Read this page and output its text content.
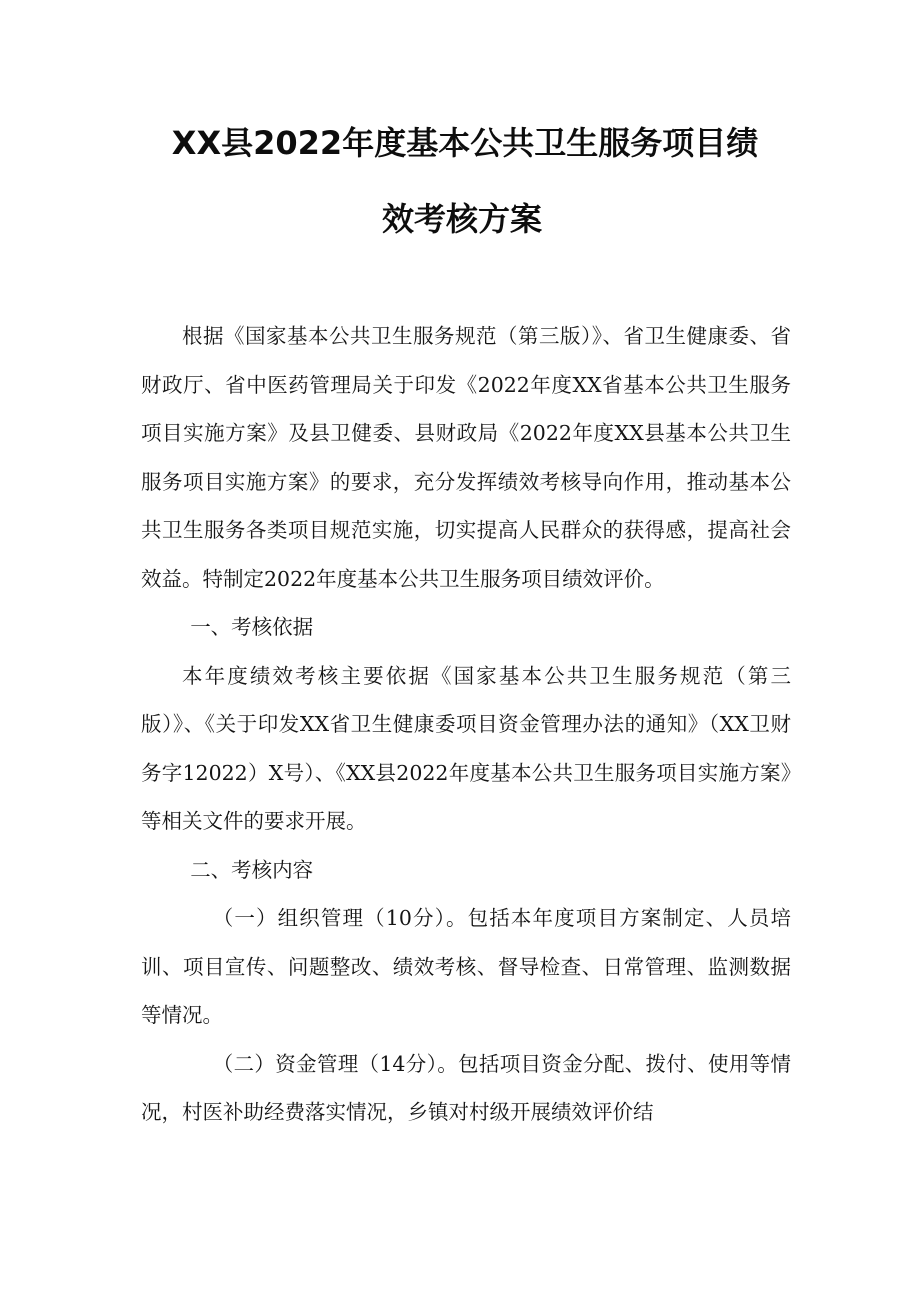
XX县2022年度基本公共卫生服务项目绩
效考核方案

根据《国家基本公共卫生服务规范（第三版）》、省卫生健康委、省财政厅、省中医药管理局关于印发《2022年度XX省基本公共卫生服务项目实施方案》及县卫健委、县财政局《2022年度XX县基本公共卫生服务项目实施方案》的要求，充分发挥绩效考核导向作用，推动基本公共卫生服务各类项目规范实施，切实提高人民群众的获得感，提高社会效益。特制定2022年度基本公共卫生服务项目绩效评价。

一、考核依据

本年度绩效考核主要依据《国家基本公共卫生服务规范（第三版）》、《关于印发XX省卫生健康委项目资金管理办法的通知》（XX卫财务字12022）X号）、《XX县2022年度基本公共卫生服务项目实施方案》等相关文件的要求开展。

二、考核内容

（一）组织管理（10分）。包括本年度项目方案制定、人员培训、项目宣传、问题整改、绩效考核、督导检查、日常管理、监测数据等情况。

（二）资金管理（14分）。包括项目资金分配、拨付、使用等情况，村医补助经费落实情况，乡镇对村级开展绩效评价结
